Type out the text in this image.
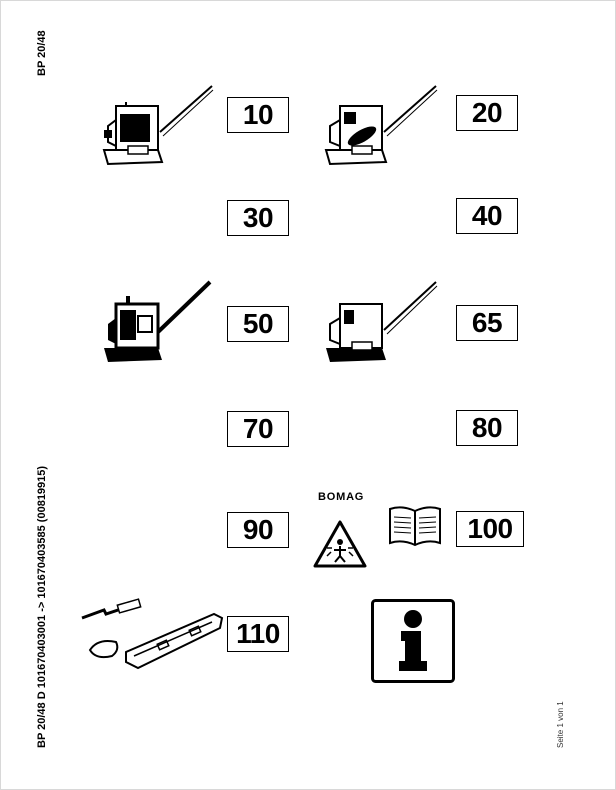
BP 20/48
BP 20/48 D 101670403001 -> 101670403585 (00819915)	Seite 1 von 1
BOMAG
10	20
30	40
50	65
70	80
90	100
110
